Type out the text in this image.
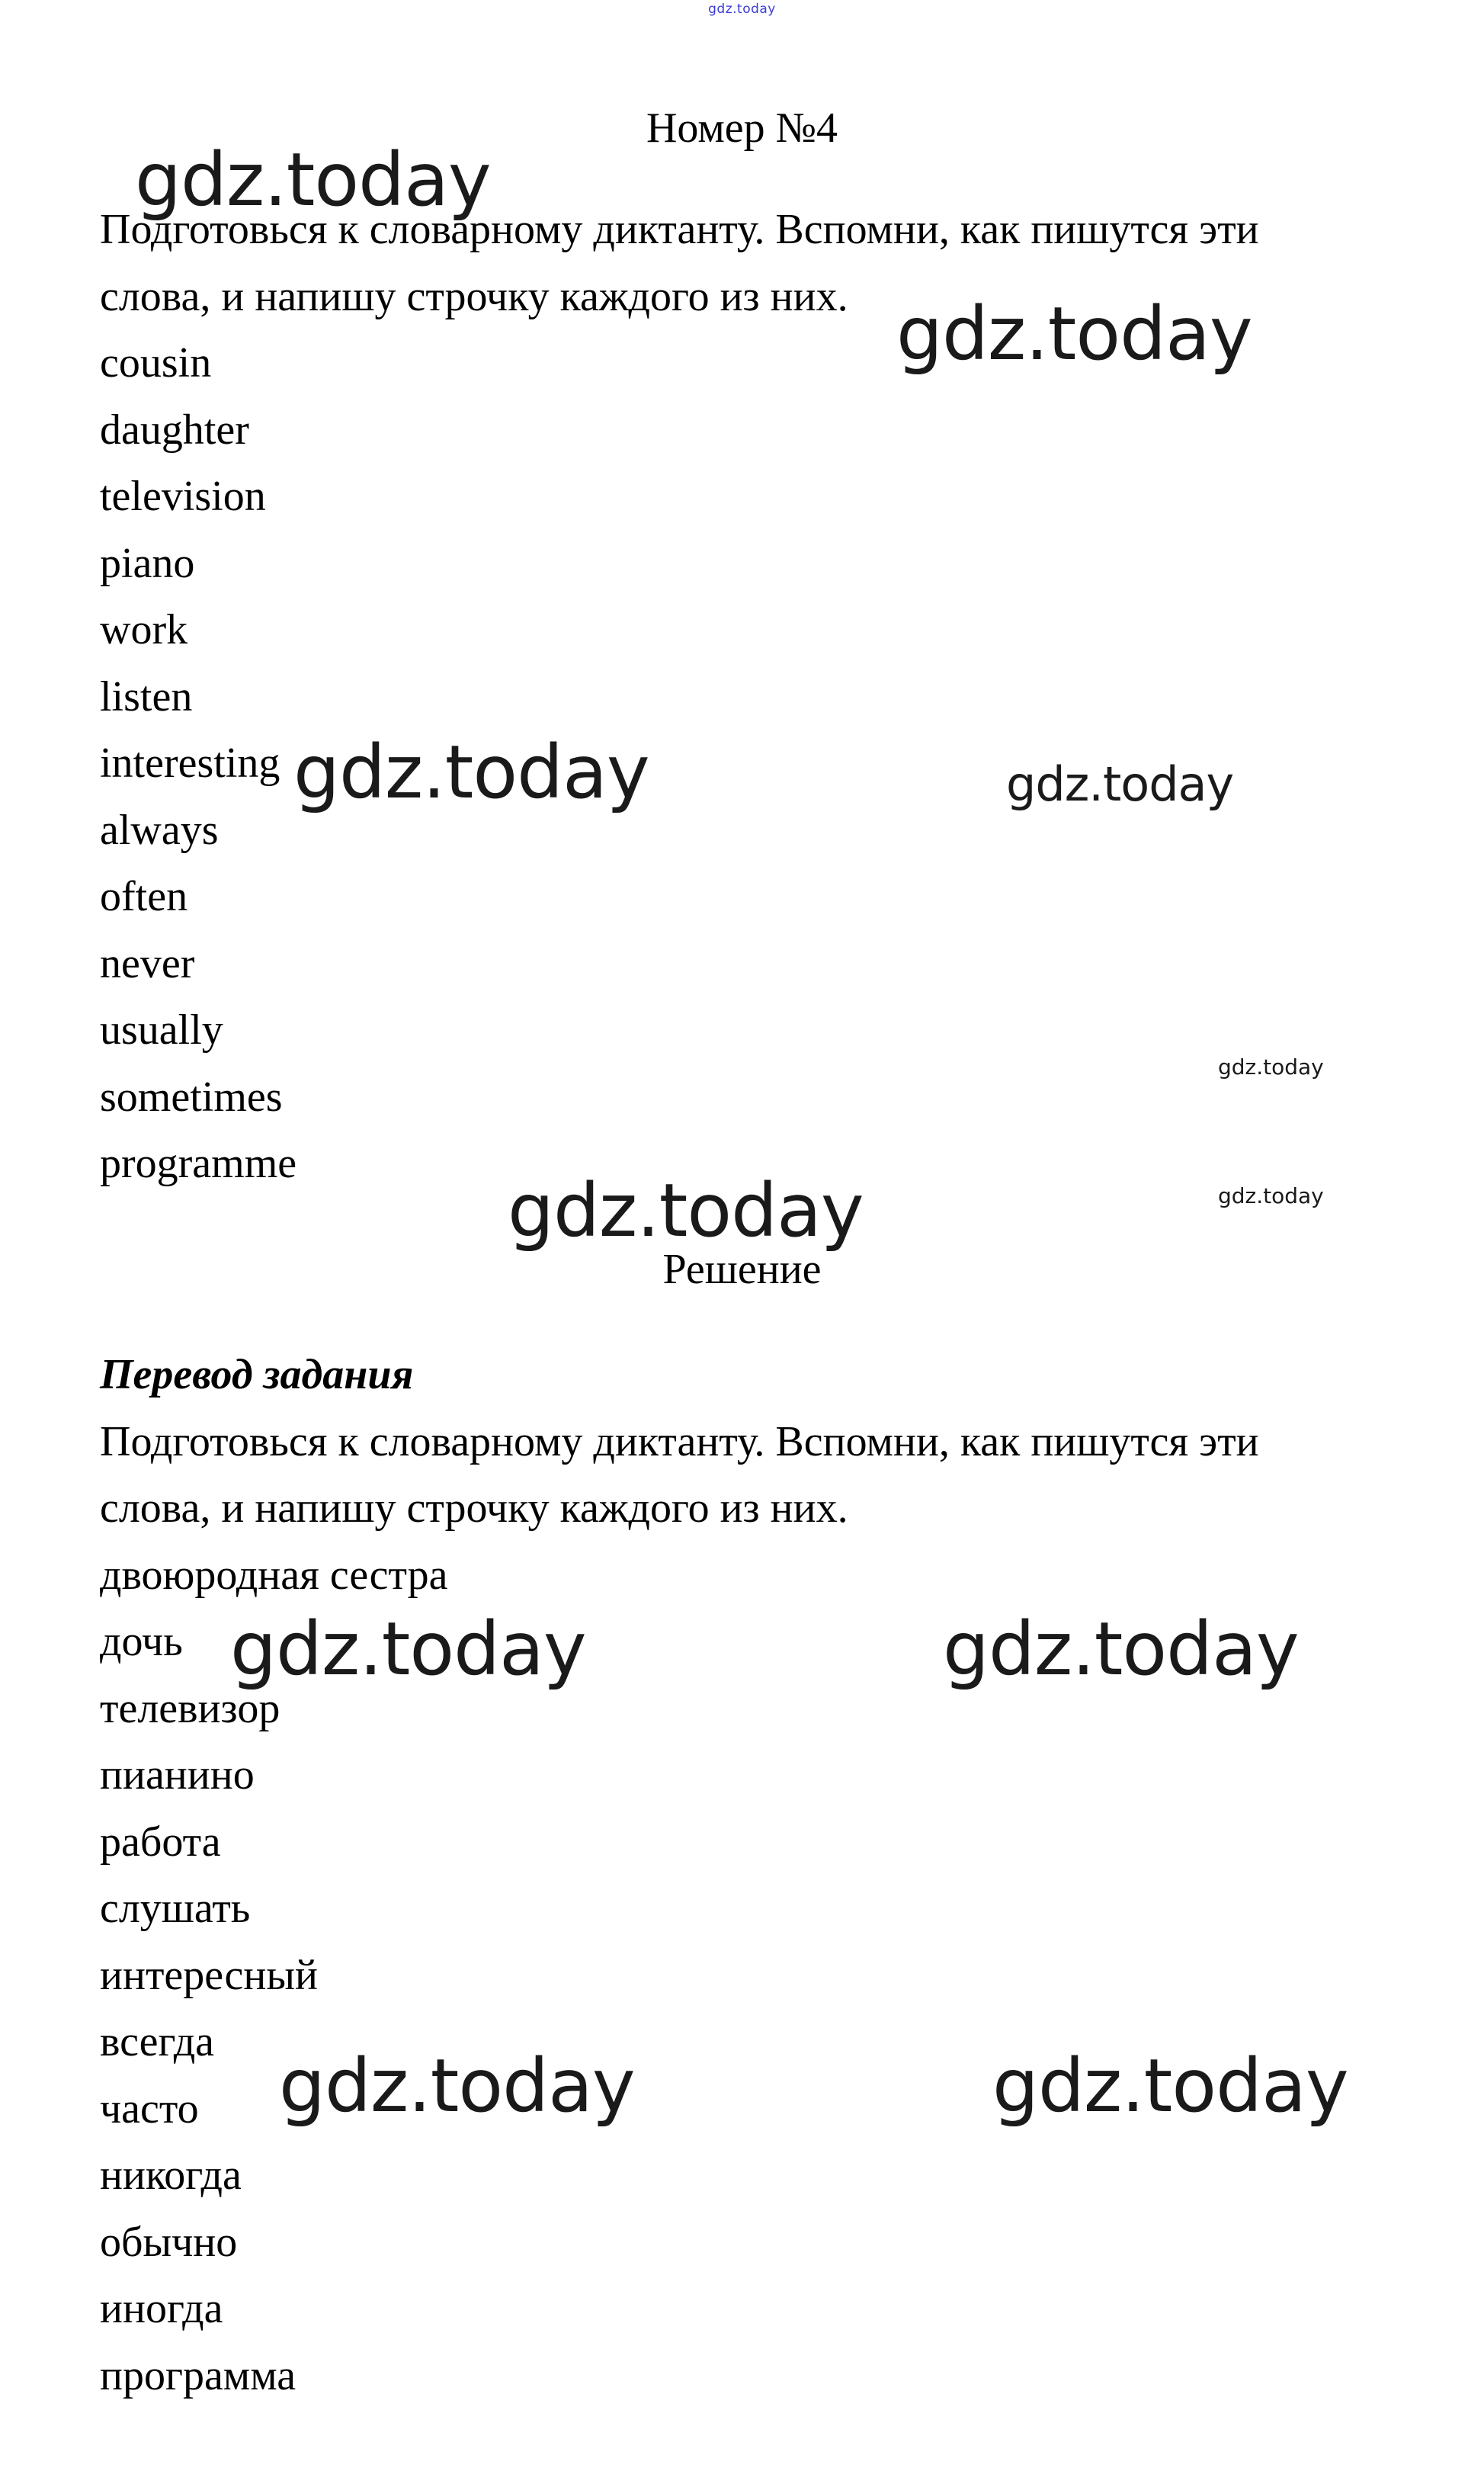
gdz.today
Номер №4

Подготовься к словарному диктанту. Вспомни, как пишутся эти

слова, и напишу строчку каждого из них.

cousin

daughter

television

piano

work

listen

interesting

always

often

never

usually

sometimes

programme

Решение

Перевод задания

Подготовься к словарному диктанту. Вспомни, как пишутся эти

слова, и напишу строчку каждого из них.

двоюродная сестра

дочь

телевизор

пианино

работа

слушать

интересный

всегда

часто

никогда

обычно

иногда

программа

gdz.today
gdz.today
gdz.today	gdz.today
gdz.today
gdz.today
gdz.today
gdz.today	gdz.today
gdz.today	gdz.today
